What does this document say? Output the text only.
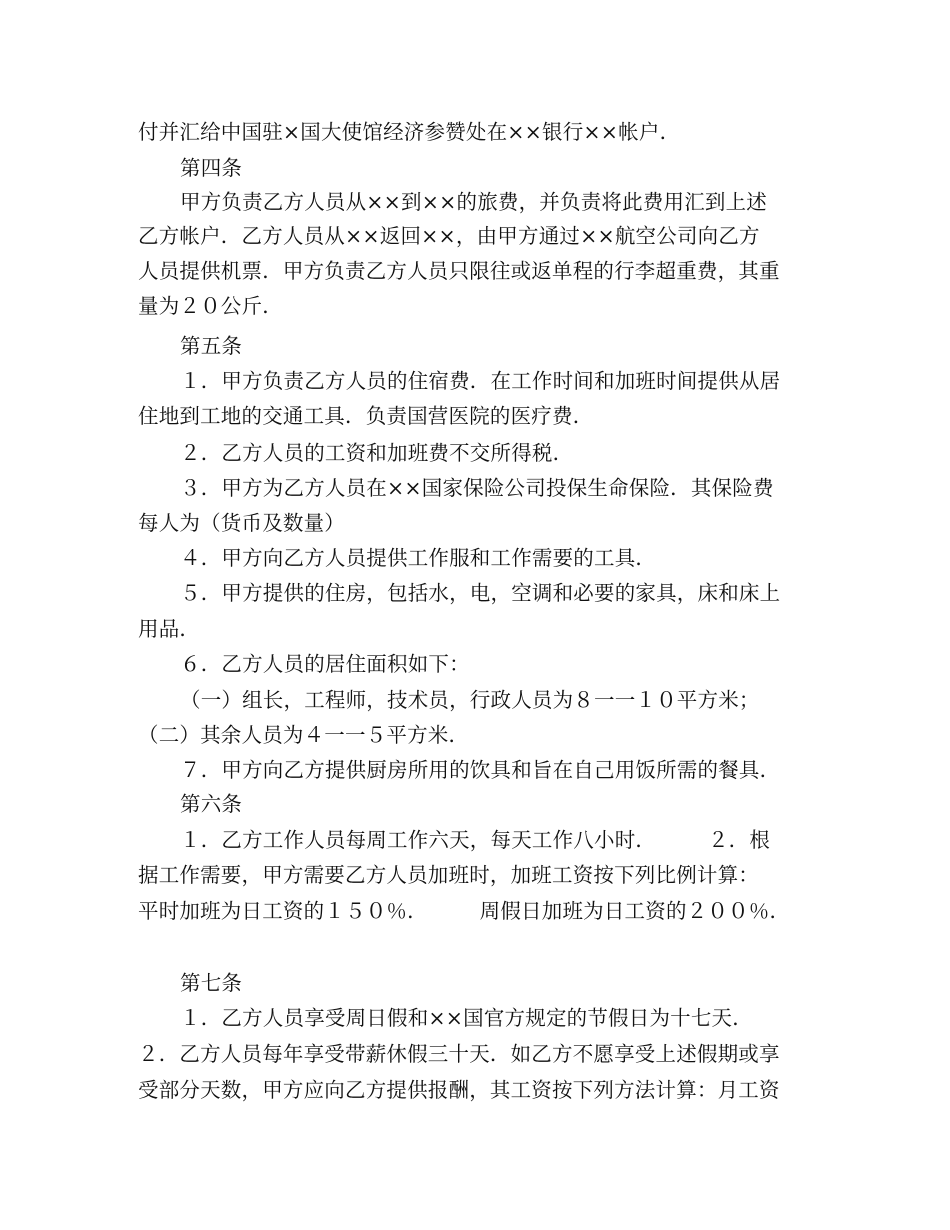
付并汇给中国驻×国大使馆经济参赞处在××银行××帐户．
第四条
甲方负责乙方人员从××到××的旅费，并负责将此费用汇到上述
乙方帐户．乙方人员从××返回××，由甲方通过××航空公司向乙方
人员提供机票．甲方负责乙方人员只限往或返单程的行李超重费，其重
量为２０公斤．
第五条
１．甲方负责乙方人员的住宿费．在工作时间和加班时间提供从居
住地到工地的交通工具．负责国营医院的医疗费．
２．乙方人员的工资和加班费不交所得税．
３．甲方为乙方人员在××国家保险公司投保生命保险．其保险费
每人为（货币及数量）
４．甲方向乙方人员提供工作服和工作需要的工具．
５．甲方提供的住房，包括水，电，空调和必要的家具，床和床上
用品．
６．乙方人员的居住面积如下：
（一）组长，工程师，技术员，行政人员为８一一１０平方米；
（二）其余人员为４一一５平方米．
７．甲方向乙方提供厨房所用的饮具和旨在自己用饭所需的餐具．
第六条
１．乙方工作人员每周工作六天，每天工作八小时．　　　２．根
据工作需要，甲方需要乙方人员加班时，加班工资按下列比例计算：
平时加班为日工资的１５０％．　　　周假日加班为日工资的２００％．
第七条
１．乙方人员享受周日假和××国官方规定的节假日为十七天．
２．乙方人员每年享受带薪休假三十天．如乙方不愿享受上述假期或享
受部分天数，甲方应向乙方提供报酬，其工资按下列方法计算：月工资
